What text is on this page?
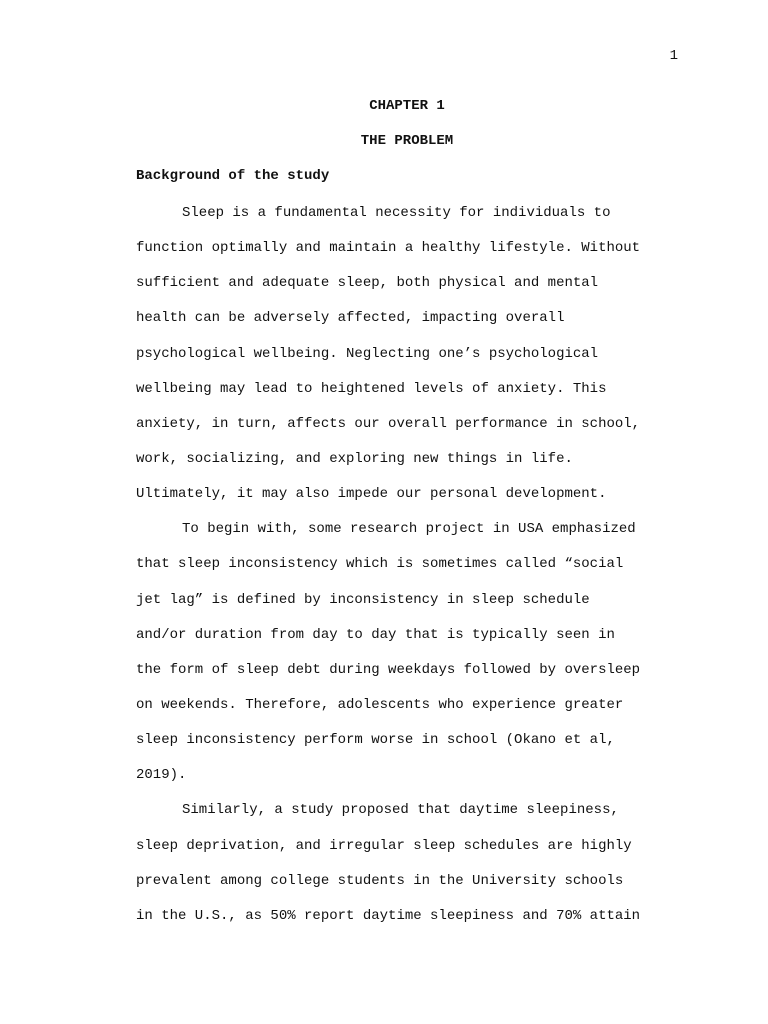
1
CHAPTER 1
THE PROBLEM
Background of the study
Sleep is a fundamental necessity for individuals to
function optimally and maintain a healthy lifestyle. Without
sufficient and adequate sleep, both physical and mental
health can be adversely affected, impacting overall
psychological wellbeing. Neglecting one’s psychological
wellbeing may lead to heightened levels of anxiety. This
anxiety, in turn, affects our overall performance in school,
work, socializing, and exploring new things in life.
Ultimately, it may also impede our personal development.
To begin with, some research project in USA emphasized
that sleep inconsistency which is sometimes called “social
jet lag” is defined by inconsistency in sleep schedule
and/or duration from day to day that is typically seen in
the form of sleep debt during weekdays followed by oversleep
on weekends. Therefore, adolescents who experience greater
sleep inconsistency perform worse in school (Okano et al,
2019).
Similarly, a study proposed that daytime sleepiness,
sleep deprivation, and irregular sleep schedules are highly
prevalent among college students in the University schools
in the U.S., as 50% report daytime sleepiness and 70% attain
